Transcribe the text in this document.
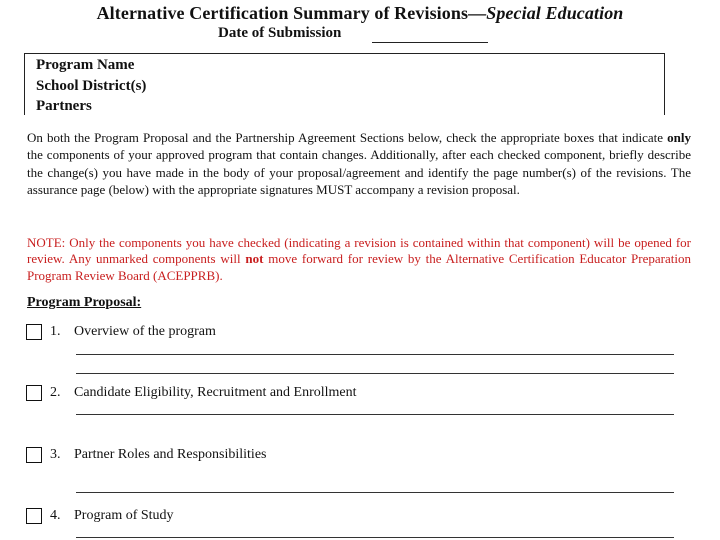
Alternative Certification Summary of Revisions—Special Education
Date of Submission
Program Name
School District(s)
Partners

On both the Program Proposal and the Partnership Agreement Sections below, check the appropriate boxes that indicate only the components of your approved program that contain changes. Additionally, after each checked component, briefly describe the change(s) you have made in the body of your proposal/agreement and identify the page number(s) of the revisions. The assurance page (below) with the appropriate signatures MUST accompany a revision proposal.

NOTE: Only the components you have checked (indicating a revision is contained within that component) will be opened for review. Any unmarked components will not move forward for review by the Alternative Certification Educator Preparation Program Review Board (ACEPPRB).

Program Proposal:
1. Overview of the program
2. Candidate Eligibility, Recruitment and Enrollment
3. Partner Roles and Responsibilities
4. Program of Study
